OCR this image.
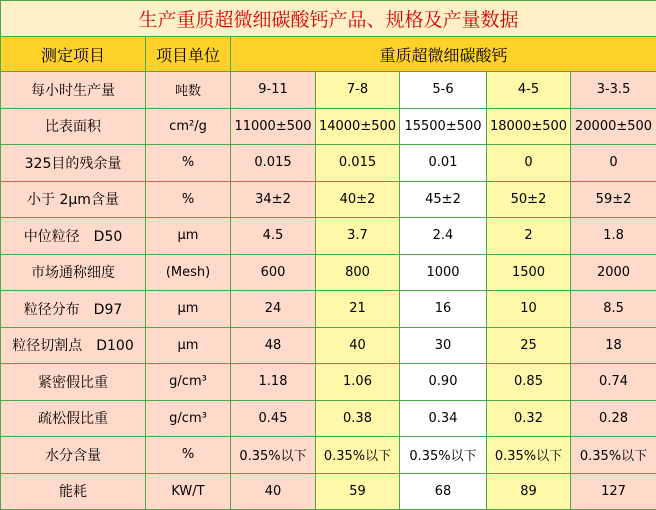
生产重质超微细碳酸钙产品、规格及产量数据						
测定项目	项目单位	重质超微细碳酸钙				
每小时生产量	吨数	9-11	7-8	5-6	4-5	3-3.5
比表面积	cm²/g	11000±500	14000±500	15500±500	18000±500	20000±500
325目的残余量	%	0.015	0.015	0.01	0	0
小于 2μm含量	%	34±2	40±2	45±2	50±2	59±2
中位粒径　D50	μm	4.5	3.7	2.4	2	1.8
市场通称细度	(Mesh)	600	800	1000	1500	2000
粒径分布　D97	μm	24	21	16	10	8.5
粒径切割点　D100	μm	48	40	30	25	18
紧密假比重	g/cm³	1.18	1.06	0.90	0.85	0.74
疏松假比重	g/cm³	0.45	0.38	0.34	0.32	0.28
水分含量	%	0.35%以下	0.35%以下	0.35%以下	0.35%以下	0.35%以下
能耗	KW/T	40	59	68	89	127
